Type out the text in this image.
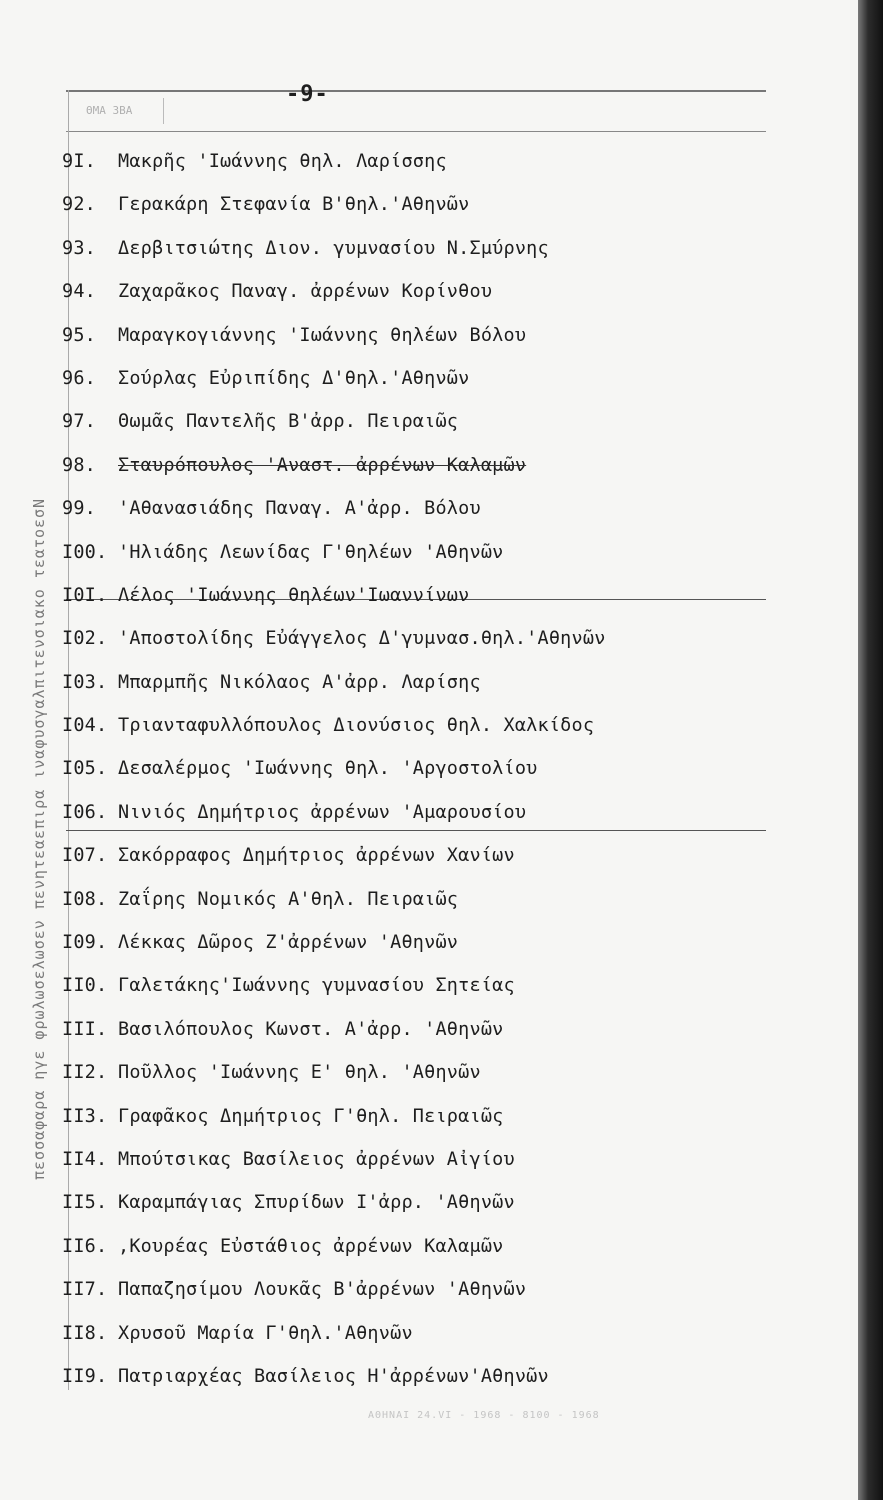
-9-
ΘΜΑ 3ΒΑ
πεσσαφαρα ηγε φρωλωσελωσεν πενητεαεπιρα ιναφυσγαλπιτενσιακο τεατοεσΝ
9I. Μακρῆς 'Ιωάννης θηλ. Λαρίσσης
92. Γερακάρη Στεφανία Β'θηλ.'Αθηνῶν
93. Δερβιτσιώτης Διον. γυμνασίου Ν.Σμύρνης
94. Ζαχαρᾶκος Παναγ. ἀρρένων Κορίνθου
95. Μαραγκογιάννης 'Ιωάννης θηλέων Βόλου
96. Σούρλας Εὐριπίδης Δ'θηλ.'Αθηνῶν
97. Θωμᾶς Παντελῆς Β'ἀρρ. Πειραιῶς
98. Σταυρόπουλος 'Αναστ. ἀρρένων Καλαμῶν
99. 'Αθανασιάδης Παναγ. Α'ἀρρ. Βόλου
I00. 'Ηλιάδης Λεωνίδας Γ'θηλέων 'Αθηνῶν
I0I. Λέλος 'Ιωάννης θηλέων'Ιωαννίνων
I02. 'Αποστολίδης Εὐάγγελος Δ'γυμνασ.θηλ.'Αθηνῶν
I03. Μπαρμπῆς Νικόλαος Α'ἀρρ. Λαρίσης
I04. Τριανταφυλλόπουλος Διονύσιος θηλ. Χαλκίδος
I05. Δεσαλέρμος 'Ιωάννης θηλ. 'Αργοστολίου
I06. Νινιός Δημήτριος ἀρρένων 'Αμαρουσίου
I07. Σακόρραφος Δημήτριος ἀρρένων Χανίων
I08. Ζαΐρης Νομικός Α'θηλ. Πειραιῶς
I09. Λέκκας Δῶρος Ζ'ἀρρένων 'Αθηνῶν
II0. Γαλετάκης'Ιωάννης γυμνασίου Σητείας
III. Βασιλόπουλος Κωνστ. Α'ἀρρ. 'Αθηνῶν
II2. Ποῦλλος 'Ιωάννης Ε' θηλ. 'Αθηνῶν
II3. Γραφᾶκος Δημήτριος Γ'θηλ. Πειραιῶς
II4. Μπούτσικας Βασίλειος ἀρρένων Αἰγίου
II5. Καραμπάγιας Σπυρίδων Ι'ἀρρ. 'Αθηνῶν
II6. ,Κουρέας Εὐστάθιος ἀρρένων Καλαμῶν
II7. Παπαζησίμου Λουκᾶς Β'ἀρρένων 'Αθηνῶν
II8. Χρυσοῦ Μαρία Γ'θηλ.'Αθηνῶν
II9. Πατριαρχέας Βασίλειος Η'ἀρρένων'Αθηνῶν
ΑΘΗΝΑΙ 24.VI - 1968 - 8100 - 1968
